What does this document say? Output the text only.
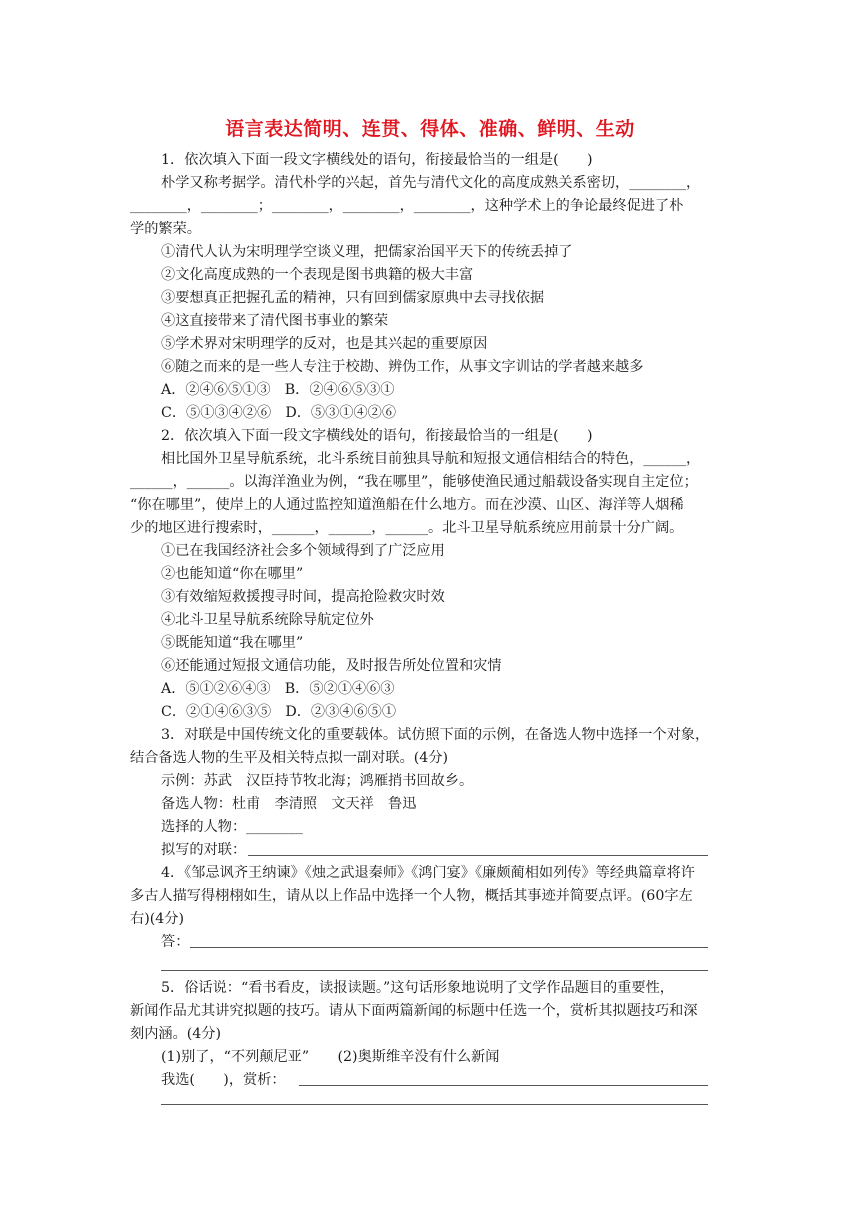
语言表达简明、连贯、得体、准确、鲜明、生动
1．依次填入下面一段文字横线处的语句，衔接最恰当的一组是(　　)
朴学又称考据学。清代朴学的兴起，首先与清代文化的高度成熟关系密切，________，
________，________；________，________，________，这种学术上的争论最终促进了朴
学的繁荣。
①清代人认为宋明理学空谈义理，把儒家治国平天下的传统丢掉了
②文化高度成熟的一个表现是图书典籍的极大丰富
③要想真正把握孔孟的精神，只有回到儒家原典中去寻找依据
④这直接带来了清代图书事业的繁荣
⑤学术界对宋明理学的反对，也是其兴起的重要原因
⑥随之而来的是一些人专注于校勘、辨伪工作，从事文字训诂的学者越来越多
A．②④⑥⑤①③　B．②④⑥⑤③①
C．⑤①③④②⑥　D．⑤③①④②⑥
2．依次填入下面一段文字横线处的语句，衔接最恰当的一组是(　　)
相比国外卫星导航系统，北斗系统目前独具导航和短报文通信相结合的特色，______，
______，______。以海洋渔业为例，“我在哪里”，能够使渔民通过船载设备实现自主定位；
“你在哪里”，使岸上的人通过监控知道渔船在什么地方。而在沙漠、山区、海洋等人烟稀
少的地区进行搜索时，______，______，______。北斗卫星导航系统应用前景十分广阔。
①已在我国经济社会多个领域得到了广泛应用
②也能知道“你在哪里”
③有效缩短救援搜寻时间，提高抢险救灾时效
④北斗卫星导航系统除导航定位外
⑤既能知道“我在哪里”
⑥还能通过短报文通信功能，及时报告所处位置和灾情
A．⑤①②⑥④③　B．⑤②①④⑥③
C．②①④⑥③⑤　D．②③④⑥⑤①
3．对联是中国传统文化的重要载体。试仿照下面的示例，在备选人物中选择一个对象，
结合备选人物的生平及相关特点拟一副对联。(4分)
示例：苏武　汉臣持节牧北海；鸿雁捎书回故乡。
备选人物：杜甫　李清照　文天祥　鲁迅
选择的人物：________
拟写的对联：
4．《邹忌讽齐王纳谏》《烛之武退秦师》《鸿门宴》《廉颇蔺相如列传》等经典篇章将许
多古人描写得栩栩如生，请从以上作品中选择一个人物，概括其事迹并简要点评。(60字左
右)(4分)
答：
5．俗话说：“看书看皮，读报读题。”这句话形象地说明了文学作品题目的重要性，
新闻作品尤其讲究拟题的技巧。请从下面两篇新闻的标题中任选一个，赏析其拟题技巧和深
刻内涵。(4分)
(1)别了，“不列颠尼亚”　　(2)奥斯维辛没有什么新闻
我选(　　)，赏析：
